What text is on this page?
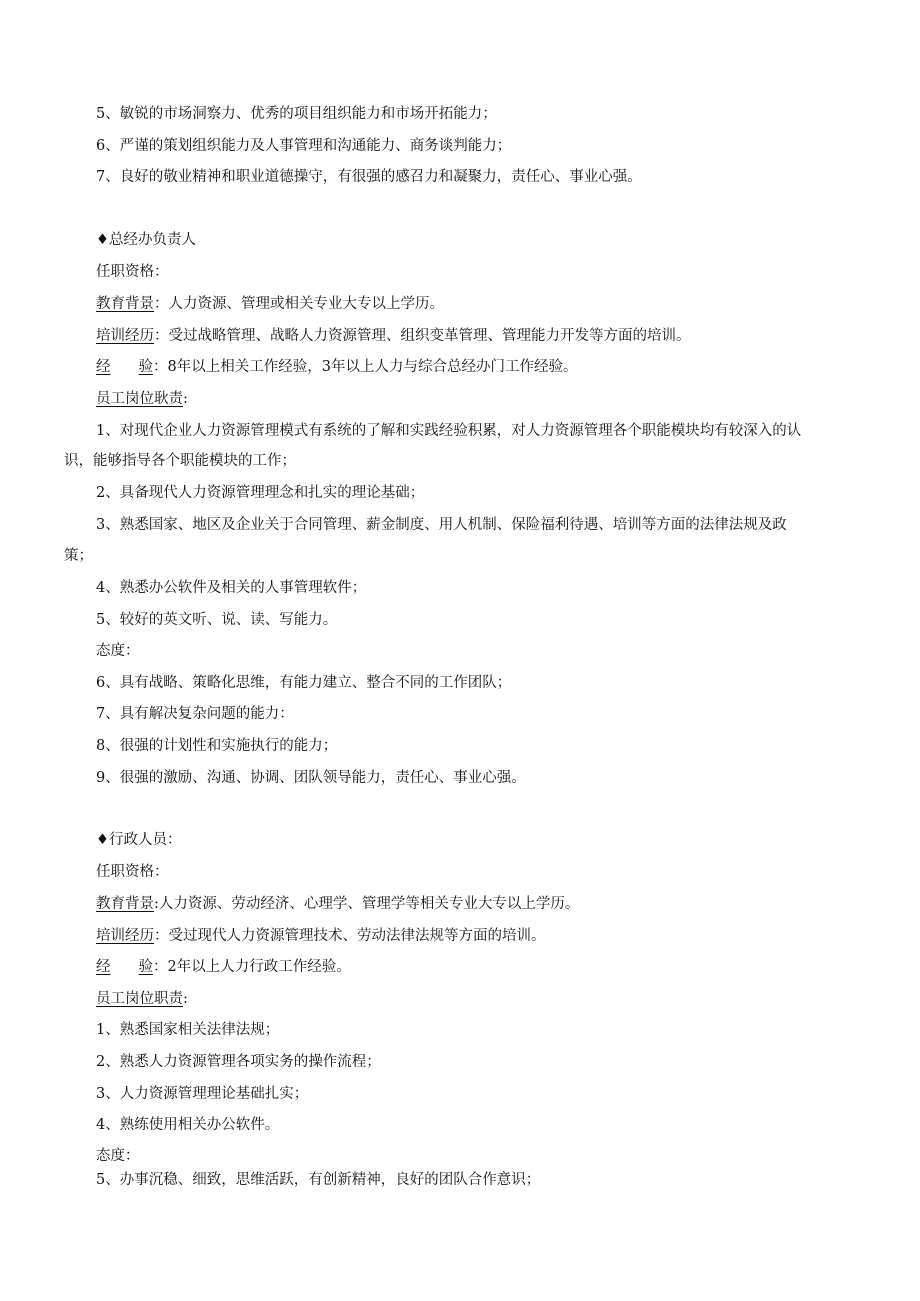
5、敏锐的市场洞察力、优秀的项目组织能力和市场开拓能力；
6、严谨的策划组织能力及人事管理和沟通能力、商务谈判能力；
7、良好的敬业精神和职业道德操守，有很强的感召力和凝聚力，责任心、事业心强。
♦总经办负责人
任职资格：
教育背景：人力资源、管理或相关专业大专以上学历。
培训经历：受过战略管理、战略人力资源管理、组织变革管理、管理能力开发等方面的培训。
经 验：8年以上相关工作经验，3年以上人力与综合总经办门工作经验。
员工岗位耿责:
1、对现代企业人力资源管理模式有系统的了解和实践经验积累，对人力资源管理各个职能模块均有较深入的认
识，能够指导各个职能模块的工作；
2、具备现代人力资源管理理念和扎实的理论基础；
3、熟悉国家、地区及企业关于合同管理、薪金制度、用人机制、保险福利待遇、培训等方面的法律法规及政
策；
4、熟悉办公软件及相关的人事管理软件；
5、较好的英文听、说、读、写能力。
态度：
6、具有战略、策略化思维，有能力建立、整合不同的工作团队；
7、具有解决复杂问题的能力：
8、很强的计划性和实施执行的能力；
9、很强的激励、沟通、协调、团队领导能力，责任心、事业心强。
♦行政人员：
任职资格：
教育背景:人力资源、劳动经济、心理学、管理学等相关专业大专以上学历。
培训经历：受过现代人力资源管理技术、劳动法律法规等方面的培训。
经 验：2年以上人力行政工作经验。
员工岗位职责:
1、熟悉国家相关法律法规；
2、熟悉人力资源管理各项实务的操作流程；
3、人力资源管理理论基础扎实；
4、熟练使用相关办公软件。
态度：
5、办事沉稳、细致，思维活跃，有创新精神，良好的团队合作意识；
